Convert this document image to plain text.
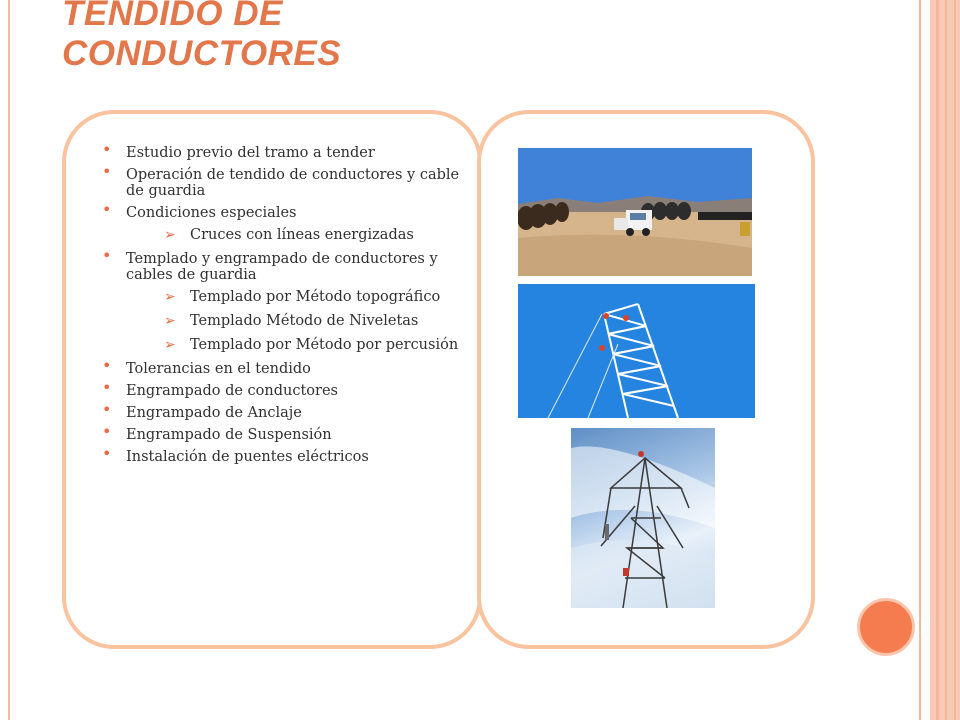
TENDIDO DE
CONDUCTORES
• Estudio previo del tramo a tender
• Operación de tendido de conductores y cable de guardia
• Condiciones especiales
➢ Cruces con líneas energizadas
• Templado y engrampado de conductores y cables de guardia
➢ Templado por Método topográfico
➢ Templado Método de Niveletas
➢ Templado por Método por percusión
• Tolerancias en el tendido
• Engrampado de conductores
• Engrampado de Anclaje
• Engrampado de Suspensión
• Instalación de puentes eléctricos
